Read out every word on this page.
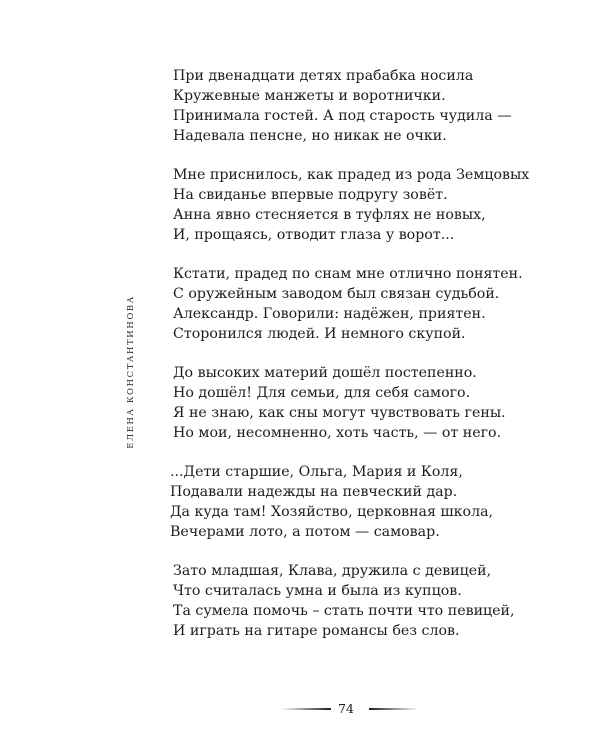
ЕЛЕНА КОНСТАНТИНОВА
При двенадцати детях прабабка носила
Кружевные манжеты и воротнички.
Принимала гостей. А под старость чудила —
Надевала пенсне, но никак не очки.
Мне приснилось, как прадед из рода Земцовых
На свиданье впервые подругу зовёт.
Анна явно стесняется в туфлях не новых,
И, прощаясь, отводит глаза у ворот...
Кстати, прадед по снам мне отлично понятен.
С оружейным заводом был связан судьбой.
Александр. Говорили: надёжен, приятен.
Сторонился людей. И немного скупой.
До высоких материй дошёл постепенно.
Но дошёл! Для семьи, для себя самого.
Я не знаю, как сны могут чувствовать гены.
Но мои, несомненно, хоть часть, — от него.
...Дети старшие, Ольга, Мария и Коля,
Подавали надежды на певческий дар.
Да куда там! Хозяйство, церковная школа,
Вечерами лото, а потом — самовар.
Зато младшая, Клава, дружила с девицей,
Что считалась умна и была из купцов.
Та сумела помочь – стать почти что певицей,
И играть на гитаре романсы без слов.
74
